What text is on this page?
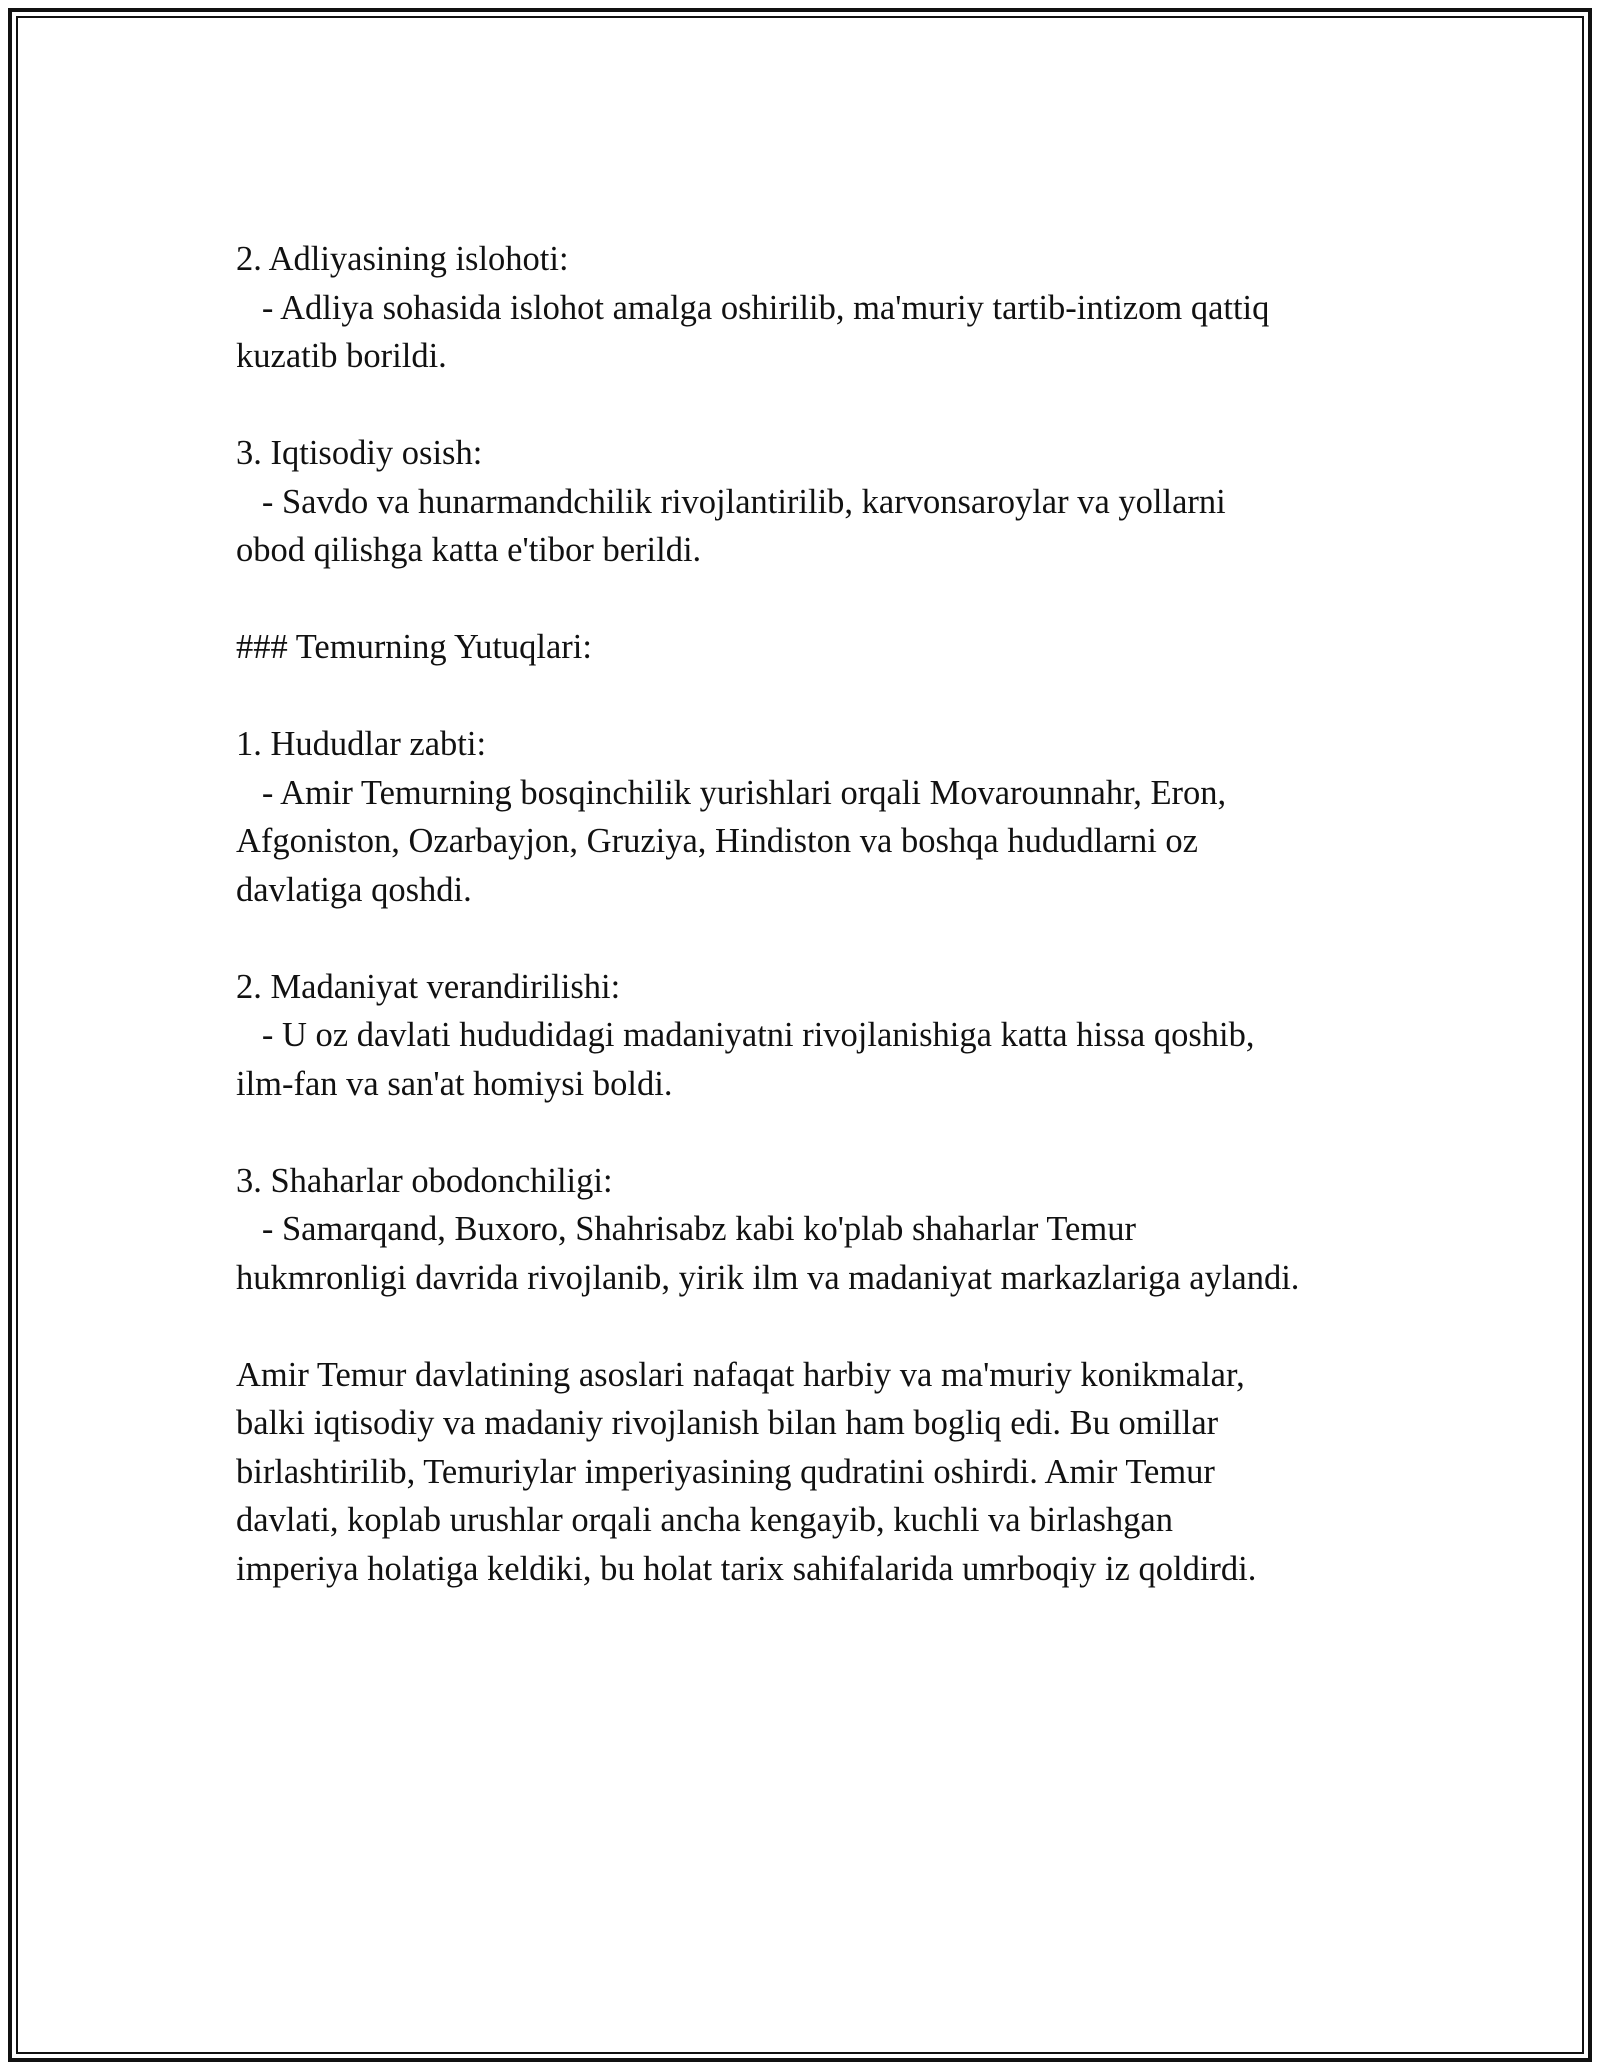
2. Adliyasining islohoti:
- Adliya sohasida islohot amalga oshirilib, ma'muriy tartib-intizom qattiq
kuzatib borildi.
3. Iqtisodiy osish:
- Savdo va hunarmandchilik rivojlantirilib, karvonsaroylar va yollarni
obod qilishga katta e'tibor berildi.
### Temurning Yutuqlari:
1. Hududlar zabti:
- Amir Temurning bosqinchilik yurishlari orqali Movarounnahr, Eron,
Afgoniston, Ozarbayjon, Gruziya, Hindiston va boshqa hududlarni oz
davlatiga qoshdi.
2. Madaniyat verandirilishi:
- U oz davlati hududidagi madaniyatni rivojlanishiga katta hissa qoshib,
ilm-fan va san'at homiysi boldi.
3. Shaharlar obodonchiligi:
- Samarqand, Buxoro, Shahrisabz kabi ko'plab shaharlar Temur
hukmronligi davrida rivojlanib, yirik ilm va madaniyat markazlariga aylandi.
Amir Temur davlatining asoslari nafaqat harbiy va ma'muriy konikmalar,
balki iqtisodiy va madaniy rivojlanish bilan ham bogliq edi. Bu omillar
birlashtirilib, Temuriylar imperiyasining qudratini oshirdi. Amir Temur
davlati, koplab urushlar orqali ancha kengayib, kuchli va birlashgan
imperiya holatiga keldiki, bu holat tarix sahifalarida umrboqiy iz qoldirdi.
